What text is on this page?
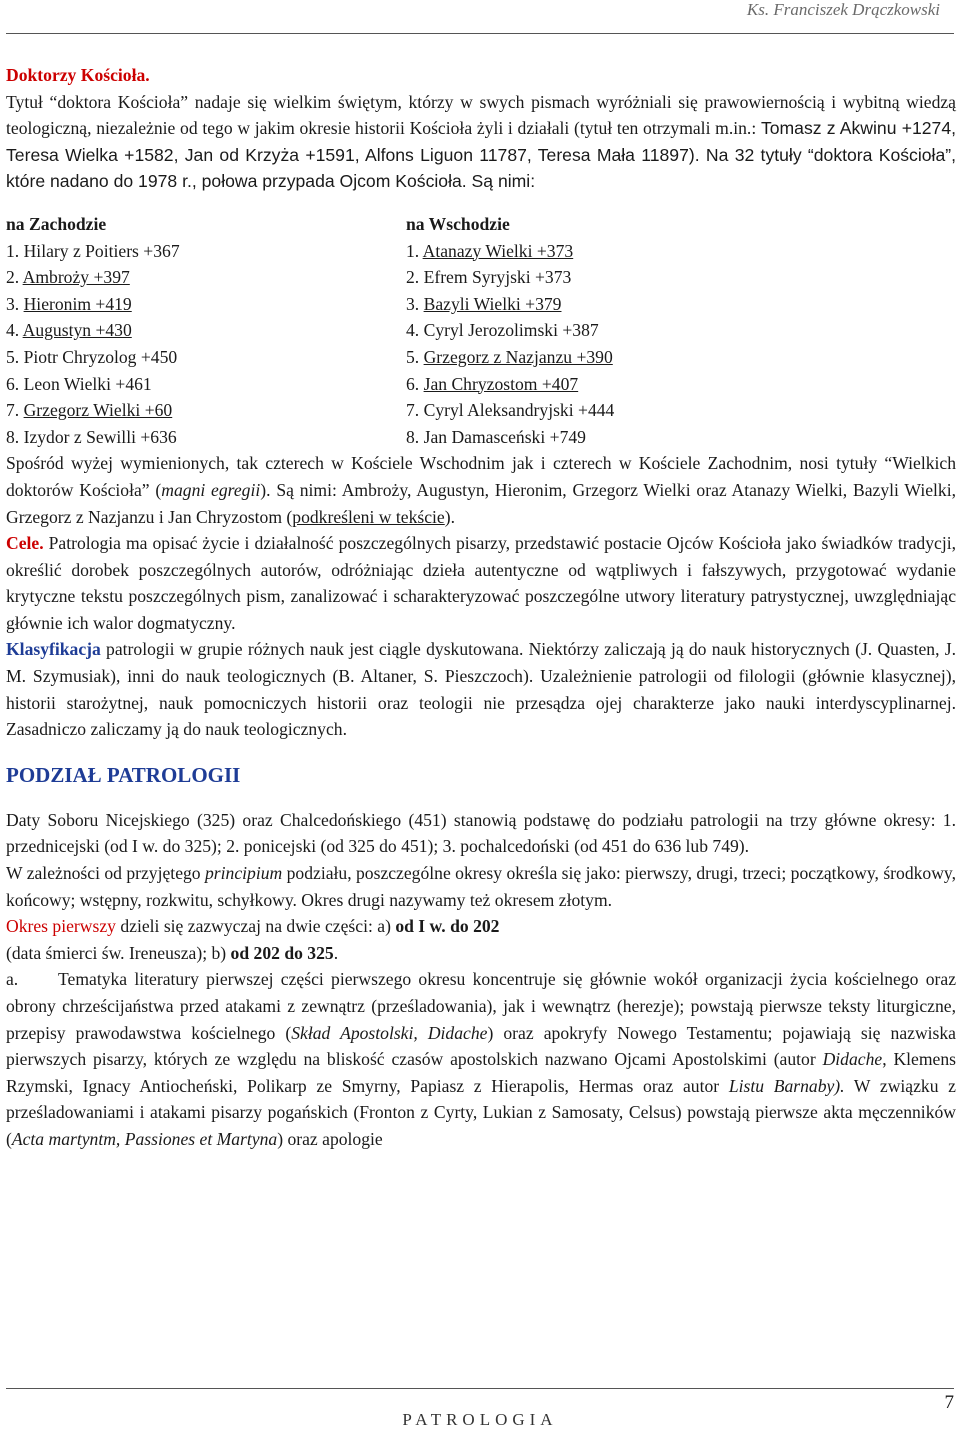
Ks. Franciszek Drączkowski

Doktorzy Kościoła.

Tytuł “doktora Kościoła” nadaje się wielkim świętym, którzy w swych pismach wyróżniali się prawowiernością i wybitną wiedzą teologiczną, niezależnie od tego w jakim okresie historii Kościoła żyli i działali (tytuł ten otrzymali m.in.: Tomasz z Akwinu +1274, Teresa Wielka +1582, Jan od Krzyża +1591, Alfons Liguon 11787, Teresa Mała 11897). Na 32 tytuły “doktora Kościoła”, które nadano do 1978 r., połowa przypada Ojcom Kościoła. Są nimi:

na Zachodzie
1. Hilary z Poitiers +367
2. Ambroży +397
3. Hieronim +419
4. Augustyn +430
5. Piotr Chryzolog +450
6. Leon Wielki +461
7. Grzegorz Wielki +60
8. Izydor z Sewilli +636
na Wschodzie
1. Atanazy Wielki +373
2. Efrem Syryjski +373
3. Bazyli Wielki +379
4. Cyryl Jerozolimski +387
5. Grzegorz z Nazjanzu +390
6. Jan Chryzostom +407
7. Cyryl Aleksandryjski +444
8. Jan Damasceński +749

Spośród wyżej wymienionych, tak czterech w Kościele Wschodnim jak i czterech w Kościele Zachodnim, nosi tytuły “Wielkich doktorów Kościoła” (magni egregii). Są nimi: Ambroży, Augustyn, Hieronim, Grzegorz Wielki oraz Atanazy Wielki, Bazyli Wielki, Grzegorz z Nazjanzu i Jan Chryzostom (podkreśleni w tekście).

Cele. Patrologia ma opisać życie i działalność poszczególnych pisarzy, przedstawić postacie Ojców Kościoła jako świadków tradycji, określić dorobek poszczególnych autorów, odróżniając dzieła autentyczne od wątpliwych i fałszywych, przygotować wydanie krytyczne tekstu poszczególnych pism, zanalizować i scharakteryzować poszczególne utwory literatury patrystycznej, uwzględniając głównie ich walor dogmatyczny.

Klasyfikacja patrologii w grupie różnych nauk jest ciągle dyskutowana. Niektórzy zaliczają ją do nauk historycznych (J. Quasten, J. M. Szymusiak), inni do nauk teologicznych (B. Altaner, S. Pieszczoch). Uzależnienie patrologii od filologii (głównie klasycznej), historii starożytnej, nauk pomocniczych historii oraz teologii nie przesądza ojej charakterze jako nauki interdyscyplinarnej. Zasadniczo zaliczamy ją do nauk teologicznych.

PODZIAŁ PATROLOGII

Daty Soboru Nicejskiego (325) oraz Chalcedońskiego (451) stanowią podstawę do podziału patrologii na trzy główne okresy: 1. przednicejski (od I w. do 325); 2. ponicejski (od 325 do 451); 3. pochalcedoński (od 451 do 636 lub 749).

W zależności od przyjętego principium podziału, poszczególne okresy określa się jako: pierwszy, drugi, trzeci; początkowy, środkowy, końcowy; wstępny, rozkwitu, schyłkowy. Okres drugi nazywamy też okresem złotym.

Okres pierwszy dzieli się zazwyczaj na dwie części: a) od I w. do 202
(data śmierci św. Ireneusza); b) od 202 do 325.

a. Tematyka literatury pierwszej części pierwszego okresu koncentruje się głównie wokół organizacji życia kościelnego oraz obrony chrześcijaństwa przed atakami z zewnątrz (prześladowania), jak i wewnątrz (herezje); powstają pierwsze teksty liturgiczne, przepisy prawodawstwa kościelnego (Skład Apostolski, Didache) oraz apokryfy Nowego Testamentu; pojawiają się nazwiska pierwszych pisarzy, których ze względu na bliskość czasów apostolskich nazwano Ojcami Apostolskimi (autor Didache, Klemens Rzymski, Ignacy Antiocheński, Polikarp ze Smyrny, Papiasz z Hierapolis, Hermas oraz autor Listu Barnaby). W związku z prześladowaniami i atakami pisarzy pogańskich (Fronton z Cyrty, Lukian z Samosaty, Celsus) powstają pierwsze akta męczenników (Acta martyntm, Passiones et Martyna) oraz apologie

7
PATROLOGIA
